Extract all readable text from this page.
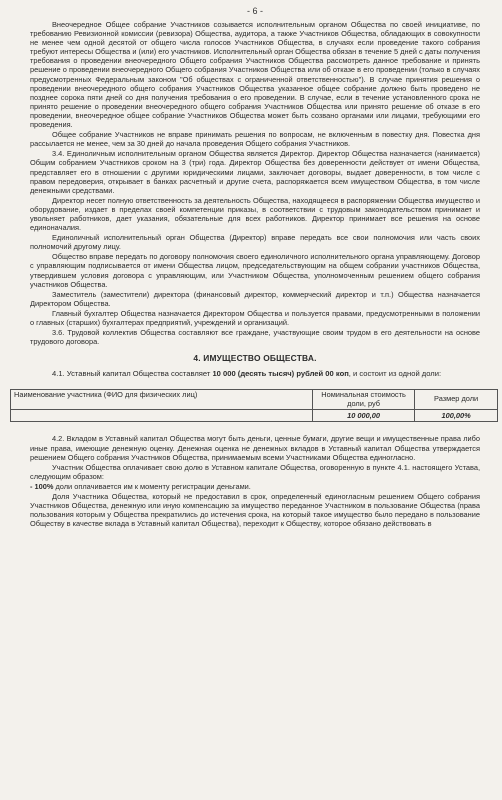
- 6 -

Внеочередное Общее собрание Участников созывается исполнительным органом Общества по своей инициативе, по требованию Ревизионной комиссии (ревизора) Общества, аудитора, а также Участников Общества, обладающих в совокупности не менее чем одной десятой от общего числа голосов Участников Общества, в случаях если проведение такого собрания требуют интересы Общества и (или) его участников. Исполнительный орган Общества обязан в течение 5 дней с даты получения требования о проведении внеочередного Общего собрания Участников Общества рассмотреть данное требование и принять решение о проведении внеочередного Общего собрания Участников Общества или об отказе в его проведении (только в случаях предусмотренных Федеральным законом "Об обществах с ограниченной ответственностью"). В случае принятия решения о проведении внеочередного общего собрания Участников Общества указанное общее собрание должно быть проведено не позднее сорока пяти дней со дня получения требования о его проведении. В случае, если в течение установленного срока не принято решение о проведении внеочередного общего собрания Участников Общества или принято решение об отказе в его проведении, внеочередное общее собрание Участников Общества может быть созвано органами или лицами, требующими его проведения.

Общее собрание Участников не вправе принимать решения по вопросам, не включенным в повестку дня. Повестка дня рассылается не менее, чем за 30 дней до начала проведения Общего собрания Участников.

3.4. Единоличным исполнительным органом Общества является Директор. Директор Общества назначается (нанимается) Общим собранием Участников сроком на 3 (три) года. Директор Общества без доверенности действует от имени Общества, представляет его в отношении с другими юридическими лицами, заключает договоры, выдает доверенности, в том числе с правом передоверия, открывает в банках расчетный и другие счета, распоряжается всем имуществом Общества, в том числе денежными средствами.

Директор несет полную ответственность за деятельность Общества, находящееся в распоряжении Общества имущество и оборудование, издает в пределах своей компетенции приказы, в соответствии с трудовым законодательством принимает и увольняет работников, дает указания, обязательные для всех работников. Директор принимает все решения на основе единоначалия.

Единоличный исполнительный орган Общества (Директор) вправе передать все свои полномочия или часть своих полномочий другому лицу.

Общество вправе передать по договору полномочия своего единоличного исполнительного органа управляющему. Договор с управляющим подписывается от имени Общества лицом, председательствующим на общем собрании участников Общества, утвердившем условия договора с управляющим, или Участником Общества, уполномоченным решением общего собрания участников Общества.

Заместитель (заместители) директора (финансовый директор, коммерческий директор и т.п.) Общества назначается Директором Общества.

Главный бухгалтер Общества назначается Директором Общества и пользуется правами, предусмотренными в положении о главных (старших) бухгалтерах предприятий, учреждений и организаций.

3.6. Трудовой коллектив Общества составляют все граждане, участвующие своим трудом в его деятельности на основе трудового договора.

4. ИМУЩЕСТВО ОБЩЕСТВА.

4.1. Уставный капитал Общества составляет 10 000 (десять тысяч) рублей 00 коп, и состоит из одной доли:

Наименование участника (ФИО для физических лиц)	Номинальная стоимость доли, руб	Размер доли
	10 000,00	100,00%

4.2. Вкладом в Уставный капитал Общества могут быть деньги, ценные бумаги, другие вещи и имущественные права либо иные права, имеющие денежную оценку. Денежная оценка не денежных вкладов в Уставный капитал Общества утверждается решением Общего собрания Участников Общества, принимаемым всеми Участниками Общества единогласно.

Участник Общества оплачивает свою долю в Уставном капитале Общества, оговоренную в пункте 4.1. настоящего Устава, следующим образом:

- 100% доли оплачивается им к моменту регистрации деньгами.

Доля Участника Общества, который не предоставил в срок, определенный единогласным решением Общего собрания Участников Общества, денежную или иную компенсацию за имущество переданное Участником в пользование Общества (права пользования которым у Общества прекратились до истечения срока, на который такое имущество было передано в пользование Обществу в качестве вклада в Уставный капитал Общества), переходит к Обществу, которое обязано действовать в
